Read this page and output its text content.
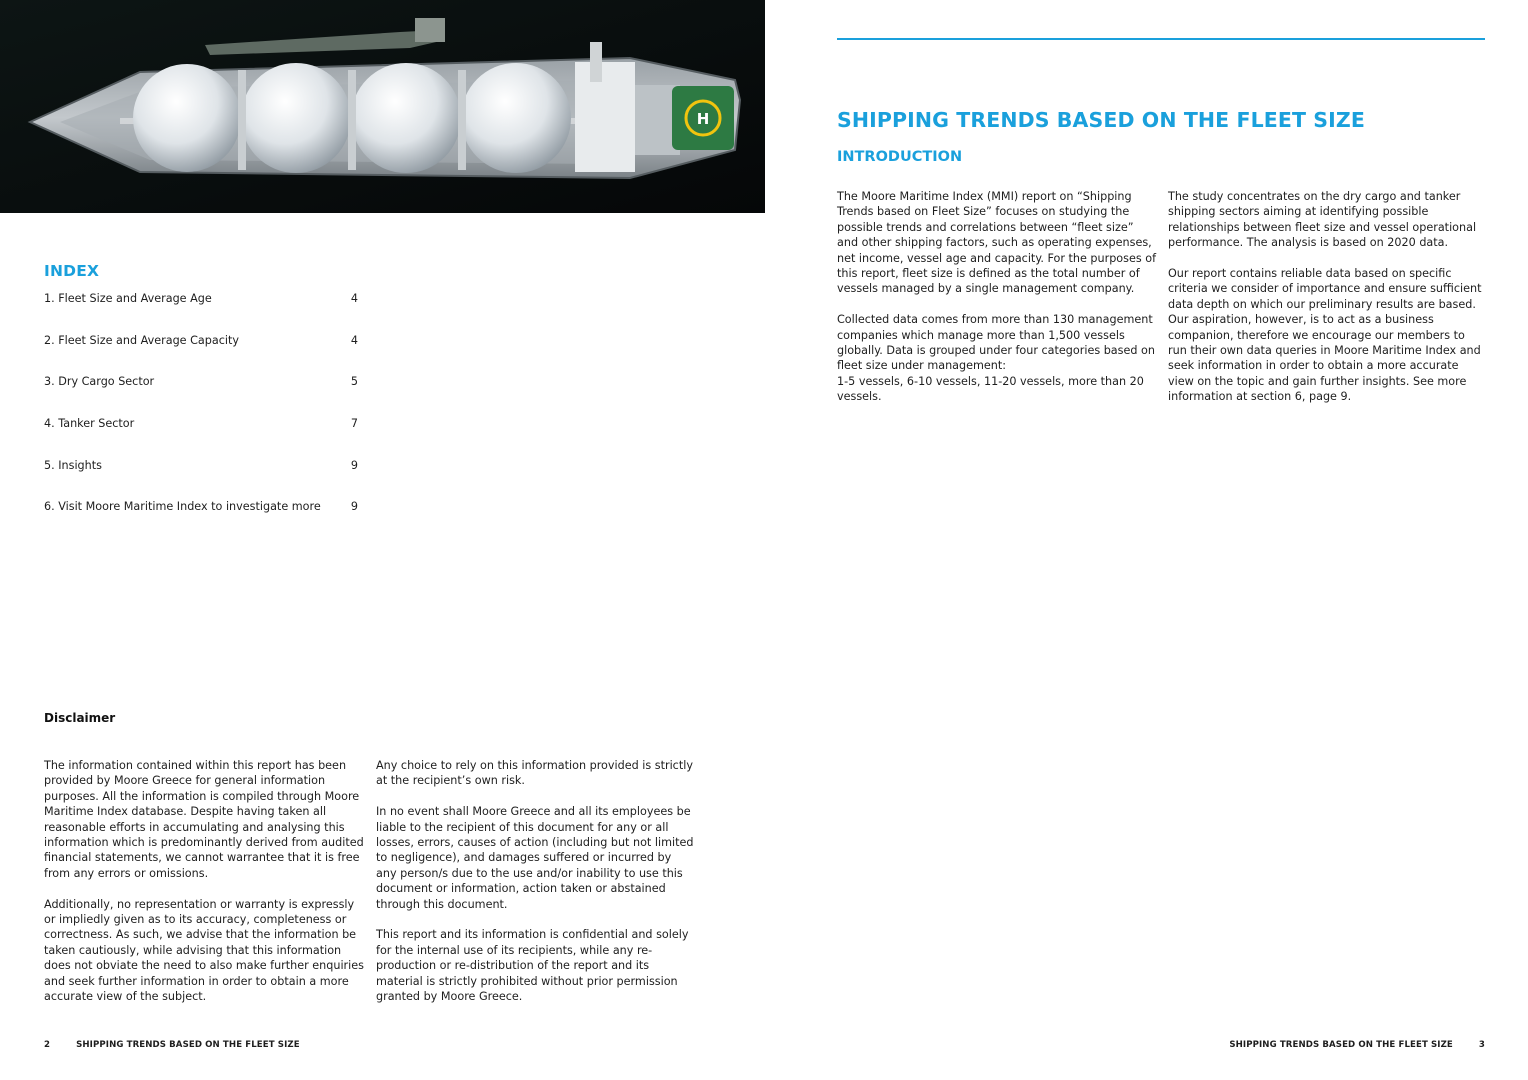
H
INDEX
1. Fleet Size and Average Age	4
2. Fleet Size and Average Capacity	4
3. Dry Cargo Sector	5
4. Tanker Sector	7
5. Insights	9
6. Visit Moore Maritime Index to investigate more	9
Disclaimer

The information contained within this report has been provided by Moore Greece for general information purposes. All the information is compiled through Moore Maritime Index database. Despite having taken all reasonable efforts in accumulating and analysing this information which is predominantly derived from audited financial statements, we cannot warrantee that it is free from any errors or omissions.

Additionally, no representation or warranty is expressly or impliedly given as to its accuracy, completeness or correctness. As such, we advise that the information be taken cautiously, while advising that this information does not obviate the need to also make further enquiries and seek further information in order to obtain a more accurate view of the subject.

Any choice to rely on this information provided is strictly at the recipient’s own risk.

In no event shall Moore Greece and all its employees be liable to the recipient of this document for any or all losses, errors, causes of action (including but not limited to negligence), and damages suffered or incurred by any person/s due to the use and/or inability to use this document or information, action taken or abstained through this document.

This report and its information is confidential and solely for the internal use of its recipients, while any re-production or re-distribution of the report and its material is strictly prohibited without prior permission granted by Moore Greece.

2	SHIPPING TRENDS BASED ON THE FLEET SIZE
SHIPPING TRENDS BASED ON THE FLEET SIZE
INTRODUCTION

The Moore Maritime Index (MMI) report on “Shipping Trends based on Fleet Size” focuses on studying the possible trends and correlations between “fleet size” and other shipping factors, such as operating expenses, net income, vessel age and capacity. For the purposes of this report, fleet size is defined as the total number of vessels managed by a single management company.

Collected data comes from more than 130 management companies which manage more than 1,500 vessels globally. Data is grouped under four categories based on fleet size under management:
1-5 vessels, 6-10 vessels, 11-20 vessels, more than 20 vessels.

The study concentrates on the dry cargo and tanker shipping sectors aiming at identifying possible relationships between fleet size and vessel operational performance. The analysis is based on 2020 data.

Our report contains reliable data based on specific criteria we consider of importance and ensure sufficient data depth on which our preliminary results are based. Our aspiration, however, is to act as a business companion, therefore we encourage our members to run their own data queries in Moore Maritime Index and seek information in order to obtain a more accurate view on the topic and gain further insights. See more information at section 6, page 9.

SHIPPING TRENDS BASED ON THE FLEET SIZE	3
